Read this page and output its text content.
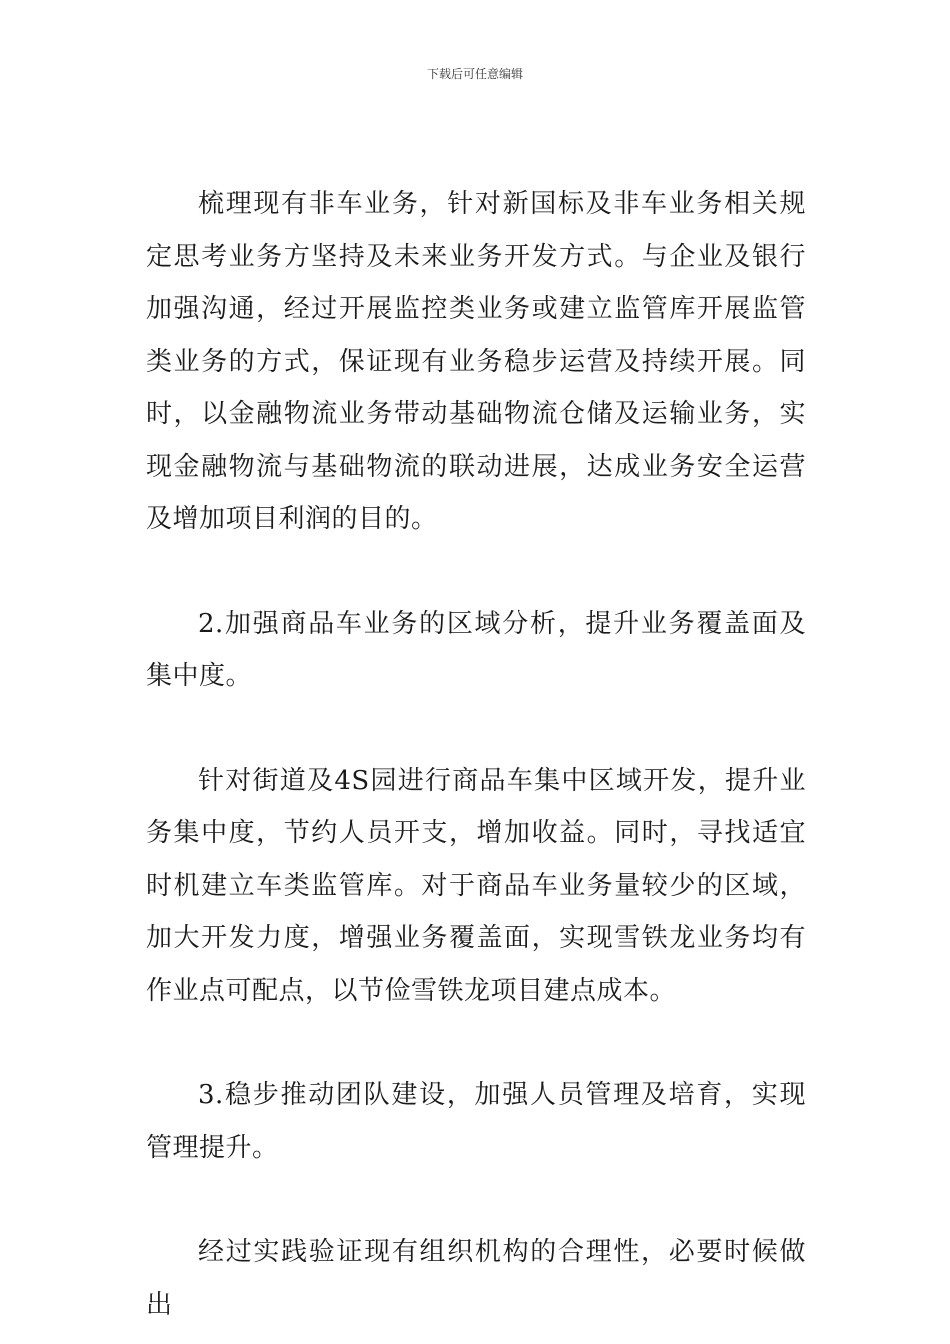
下载后可任意编辑

梳理现有非车业务，针对新国标及非车业务相关规定思考业务方坚持及未来业务开发方式。与企业及银行加强沟通，经过开展监控类业务或建立监管库开展监管类业务的方式，保证现有业务稳步运营及持续开展。同时，以金融物流业务带动基础物流仓储及运输业务，实现金融物流与基础物流的联动进展，达成业务安全运营及增加项目利润的目的。

2.加强商品车业务的区域分析，提升业务覆盖面及集中度。

针对街道及4S园进行商品车集中区域开发，提升业务集中度，节约人员开支，增加收益。同时，寻找适宜时机建立车类监管库。对于商品车业务量较少的区域，加大开发力度，增强业务覆盖面，实现雪铁龙业务均有作业点可配点，以节俭雪铁龙项目建点成本。

3.稳步推动团队建设，加强人员管理及培育，实现管理提升。

经过实践验证现有组织机构的合理性，必要时候做出
